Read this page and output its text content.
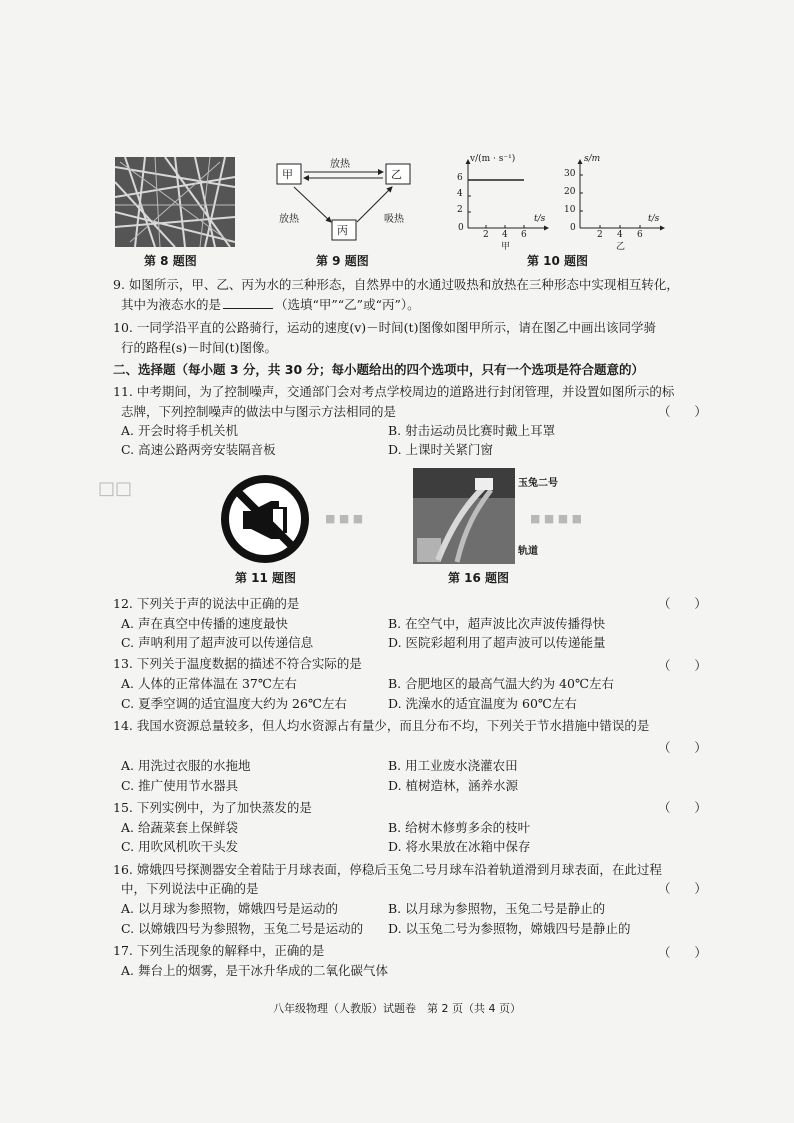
第 8 题图
甲	乙
丙
放热
放热	吸热
第 9 题图
v/(m · s⁻¹)
6
4
2
0
2 4 6
t/s
甲
s/m
30
20
10
0
2 4 6
t/s
乙
第 10 题图
9. 如图所示，甲、乙、丙为水的三种形态，自然界中的水通过吸热和放热在三种形态中实现相互转化，
其中为液态水的是	（选填“甲”“乙”或“丙”）。
10. 一同学沿平直的公路骑行，运动的速度(v)－时间(t)图像如图甲所示，请在图乙中画出该同学骑
行的路程(s)－时间(t)图像。
二、选择题（每小题 3 分，共 30 分；每小题给出的四个选项中，只有一个选项是符合题意的）
11. 中考期间，为了控制噪声，交通部门会对考点学校周边的道路进行封闭管理，并设置如图所示的标
志牌，下列控制噪声的做法中与图示方法相同的是	（      ）
A. 开会时将手机关机	B. 射击运动员比赛时戴上耳罩
C. 高速公路两旁安装隔音板	D. 上课时关紧门窗
□□
■ ■ ■	■ ■ ■ ■
第 11 题图
玉兔二号
轨道
第 16 题图
12. 下列关于声的说法中正确的是	（      ）
A. 声在真空中传播的速度最快	B. 在空气中，超声波比次声波传播得快
C. 声呐利用了超声波可以传递信息	D. 医院彩超利用了超声波可以传递能量
13. 下列关于温度数据的描述不符合实际的是	（      ）
A. 人体的正常体温在 37℃左右	B. 合肥地区的最高气温大约为 40℃左右
C. 夏季空调的适宜温度大约为 26℃左右	D. 洗澡水的适宜温度为 60℃左右
14. 我国水资源总量较多，但人均水资源占有量少，而且分布不均，下列关于节水措施中错误的是
（      ）
A. 用洗过衣服的水拖地	B. 用工业废水浇灌农田
C. 推广使用节水器具	D. 植树造林，涵养水源
15. 下列实例中，为了加快蒸发的是	（      ）
A. 给蔬菜套上保鲜袋	B. 给树木修剪多余的枝叶
C. 用吹风机吹干头发	D. 将水果放在冰箱中保存
16. 嫦娥四号探测器安全着陆于月球表面，停稳后玉兔二号月球车沿着轨道滑到月球表面，在此过程
中，下列说法中正确的是	（      ）
A. 以月球为参照物，嫦娥四号是运动的	B. 以月球为参照物，玉兔二号是静止的
C. 以嫦娥四号为参照物，玉兔二号是运动的 D. 以玉兔二号为参照物，嫦娥四号是静止的
17. 下列生活现象的解释中，正确的是	（      ）
A. 舞台上的烟雾，是干冰升华成的二氧化碳气体
八年级物理（人教版）试题卷　第 2 页（共 4 页）
